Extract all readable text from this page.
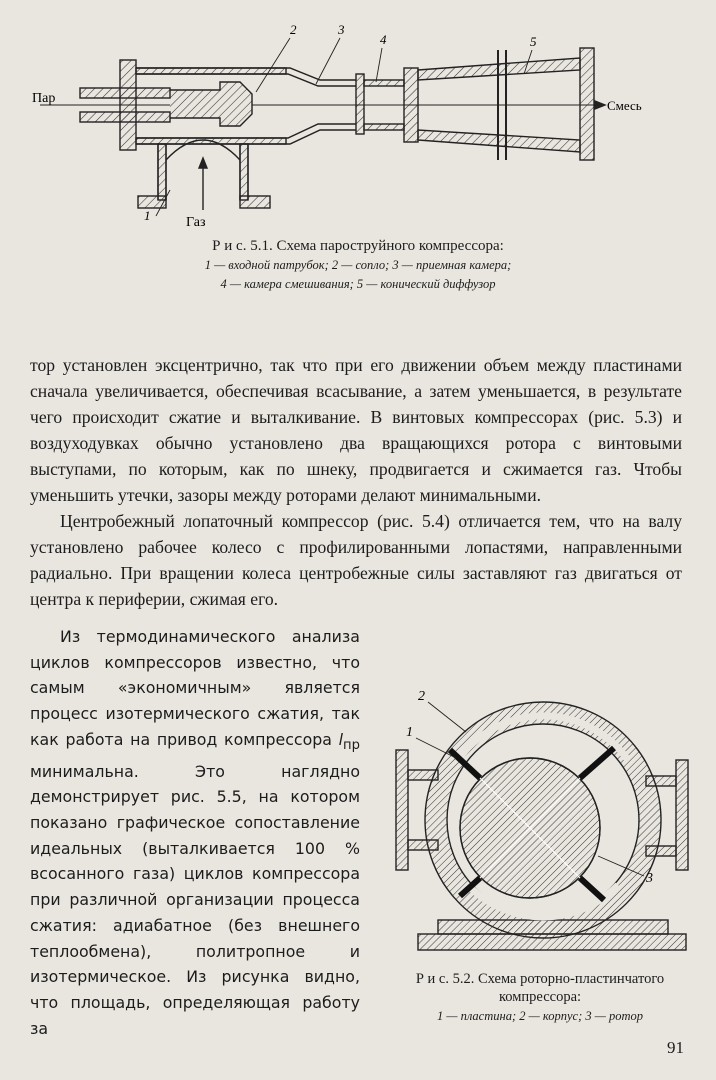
Пар	Смесь
Газ
1
2	3
4	5

Р и с. 5.1. Схема пароструйного компрессора:

1 — входной патрубок; 2 — сопло; 3 — приемная камера;

4 — камера смешивания; 5 — конический диффузор

тор установлен эксцентрично, так что при его движении объем между пластинами сначала увеличивается, обеспечивая всасывание, а затем уменьшается, в результате чего происходит сжатие и выталкивание. В винтовых компрессорах (рис. 5.3) и воздуходувках обычно установлено два вращающихся ротора с винтовыми выступами, по которым, как по шнеку, продвигается и сжимается газ. Чтобы уменьшить утечки, зазоры между роторами делают минимальными.

Центробежный лопаточный компрессор (рис. 5.4) отличается тем, что на валу установлено рабочее колесо с профилированными лопастями, направленными радиально. При вращении колеса центробежные силы заставляют газ двигаться от центра к периферии, сжимая его.

Из термодинамического анализа циклов компрессоров известно, что самым «экономичным» является процесс изотермического сжатия, так как работа на привод компрессора $l_{пр}$ минимальна. Это наглядно демонстрирует рис. 5.5, на котором показано графическое сопоставление идеальных (выталкивается 100 % всосанного газа) циклов компрессора при различной организации процесса сжатия: адиабатное (без внешнего теплообмена), политропное и изотермическое. Из рисунка видно, что площадь, определяющая работу за

2
1
3

Р и с. 5.2. Схема роторно-пластинчатого компрессора:

1 — пластина; 2 — корпус; 3 — ротор

91
